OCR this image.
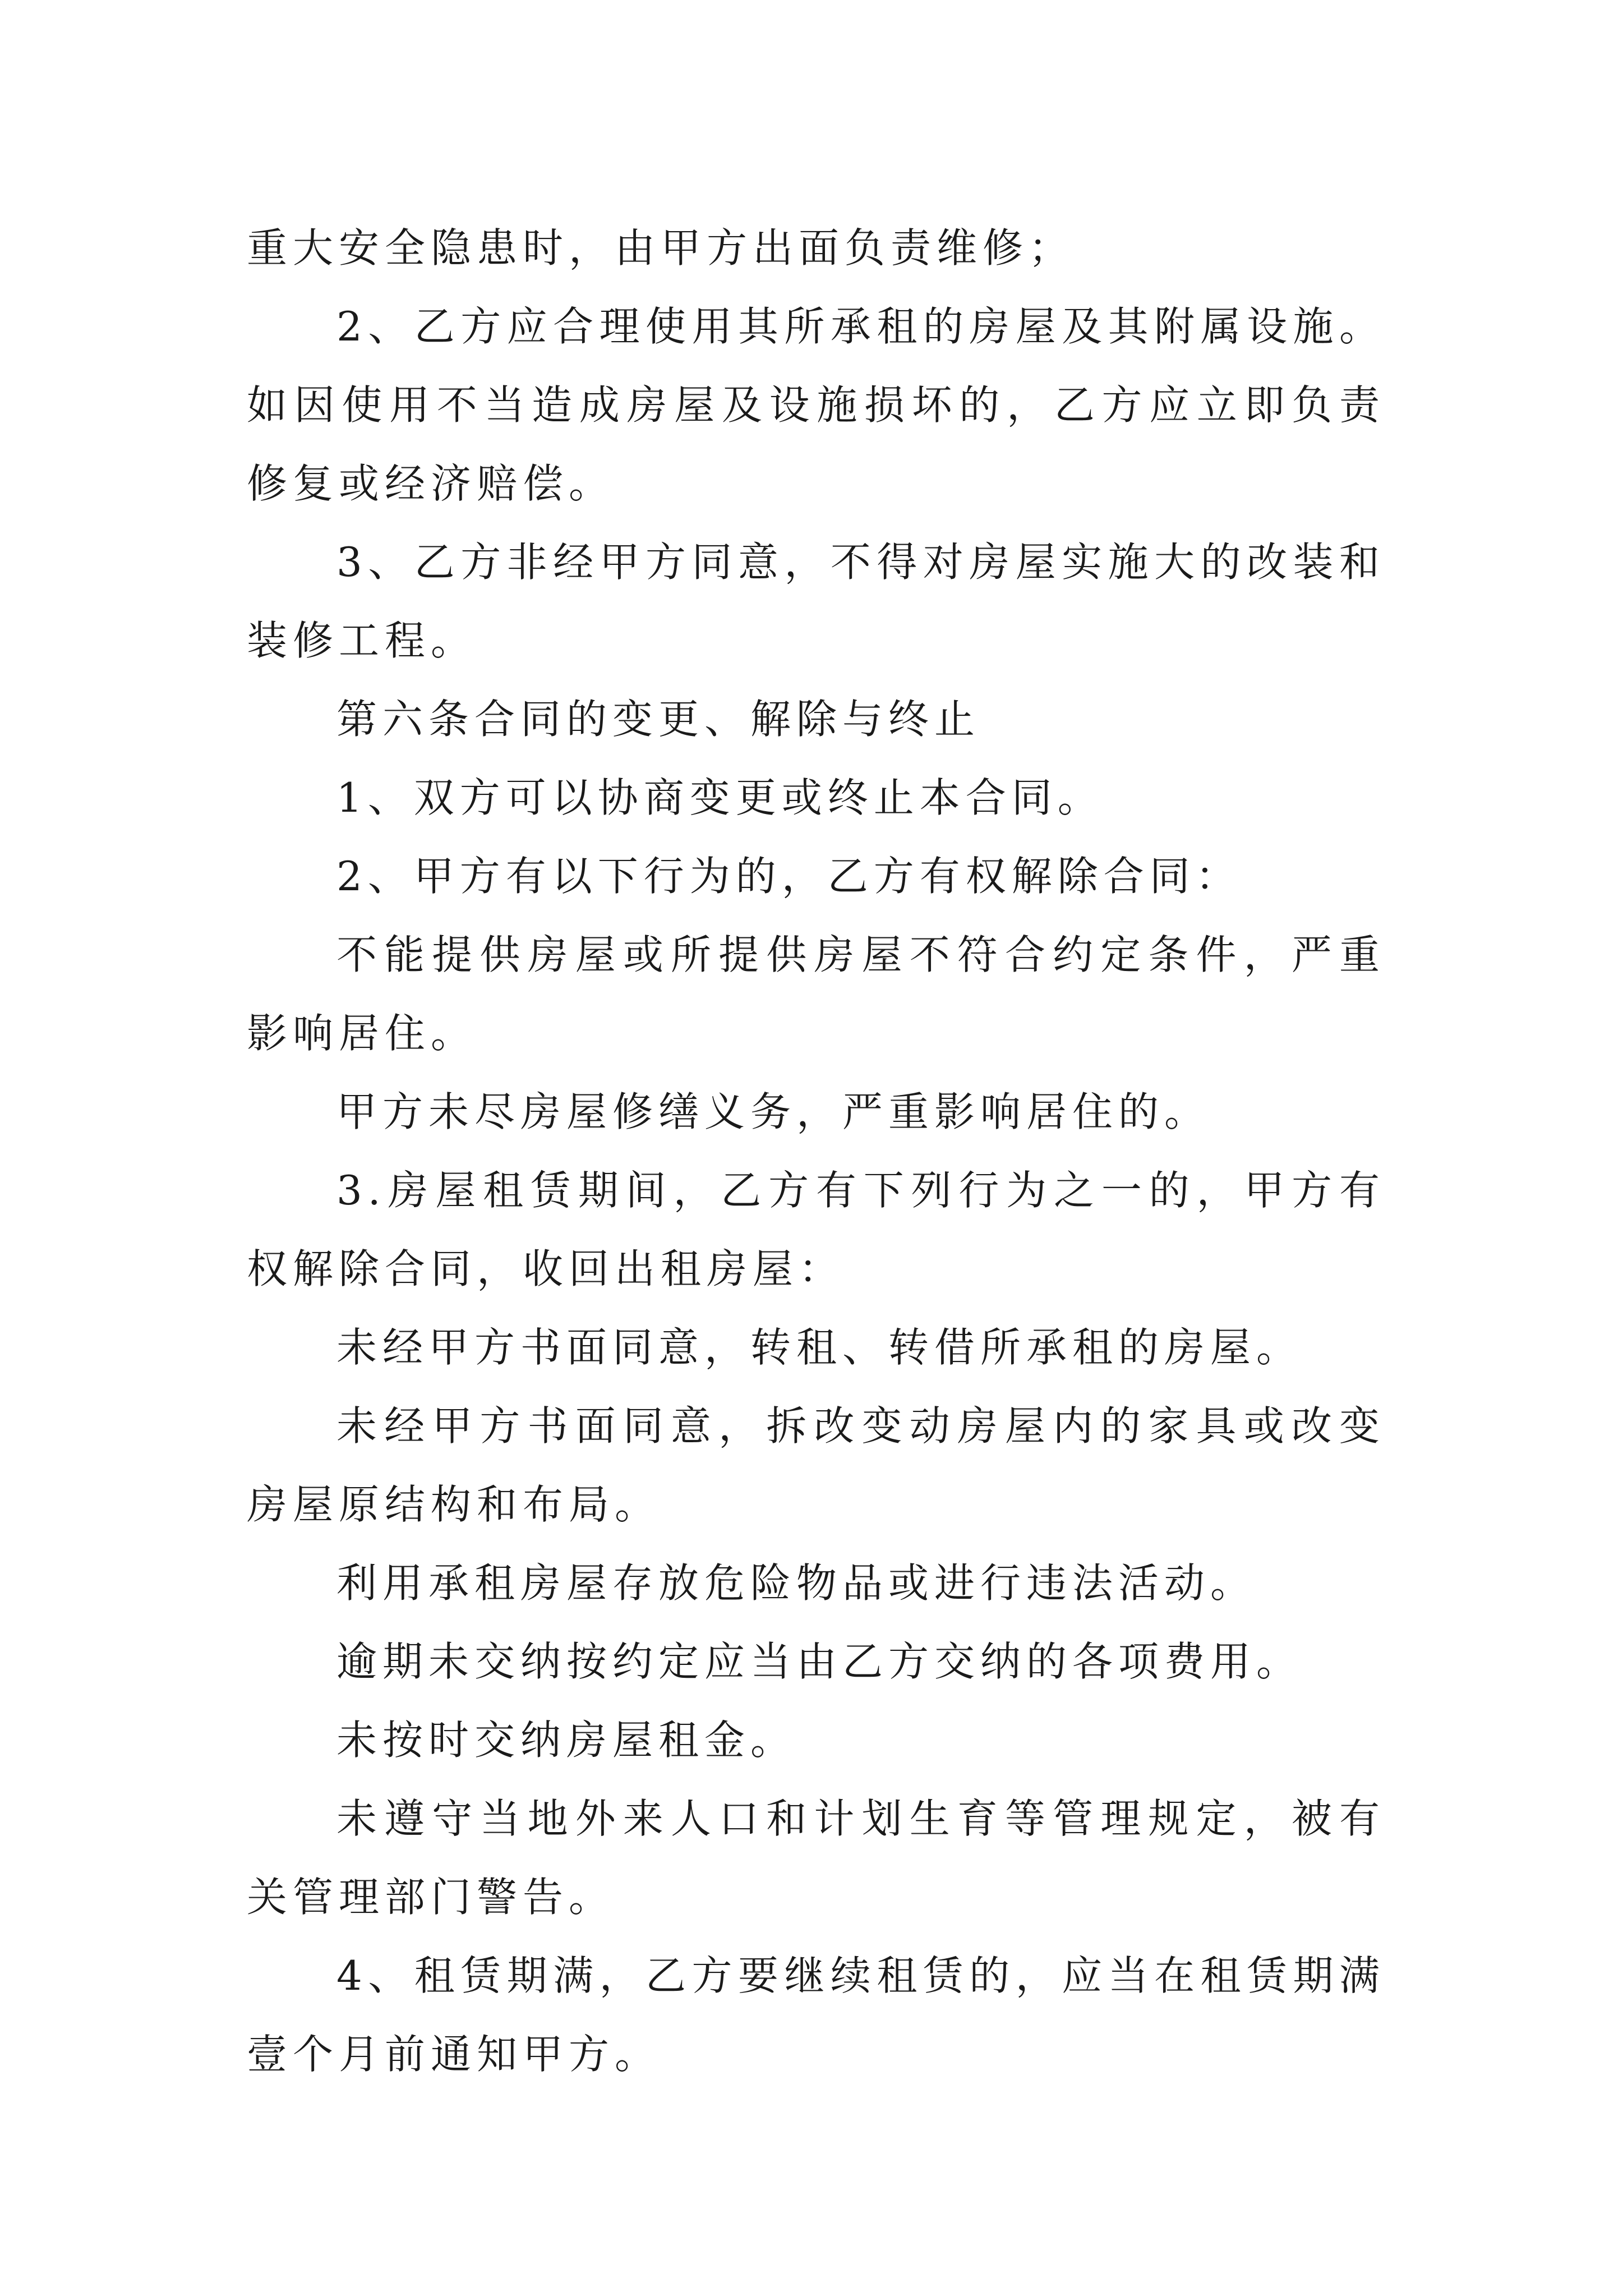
重大安全隐患时，由甲方出面负责维修；

2、乙方应合理使用其所承租的房屋及其附属设施。如因使用不当造成房屋及设施损坏的，乙方应立即负责修复或经济赔偿。

3、乙方非经甲方同意，不得对房屋实施大的改装和装修工程。

第六条合同的变更、解除与终止

1、双方可以协商变更或终止本合同。

2、甲方有以下行为的，乙方有权解除合同：

不能提供房屋或所提供房屋不符合约定条件，严重影响居住。

甲方未尽房屋修缮义务，严重影响居住的。

3.房屋租赁期间，乙方有下列行为之一的，甲方有权解除合同，收回出租房屋：

未经甲方书面同意，转租、转借所承租的房屋。

未经甲方书面同意，拆改变动房屋内的家具或改变房屋原结构和布局。

利用承租房屋存放危险物品或进行违法活动。

逾期未交纳按约定应当由乙方交纳的各项费用。

未按时交纳房屋租金。

未遵守当地外来人口和计划生育等管理规定，被有关管理部门警告。

4、租赁期满，乙方要继续租赁的，应当在租赁期满壹个月前通知甲方。
